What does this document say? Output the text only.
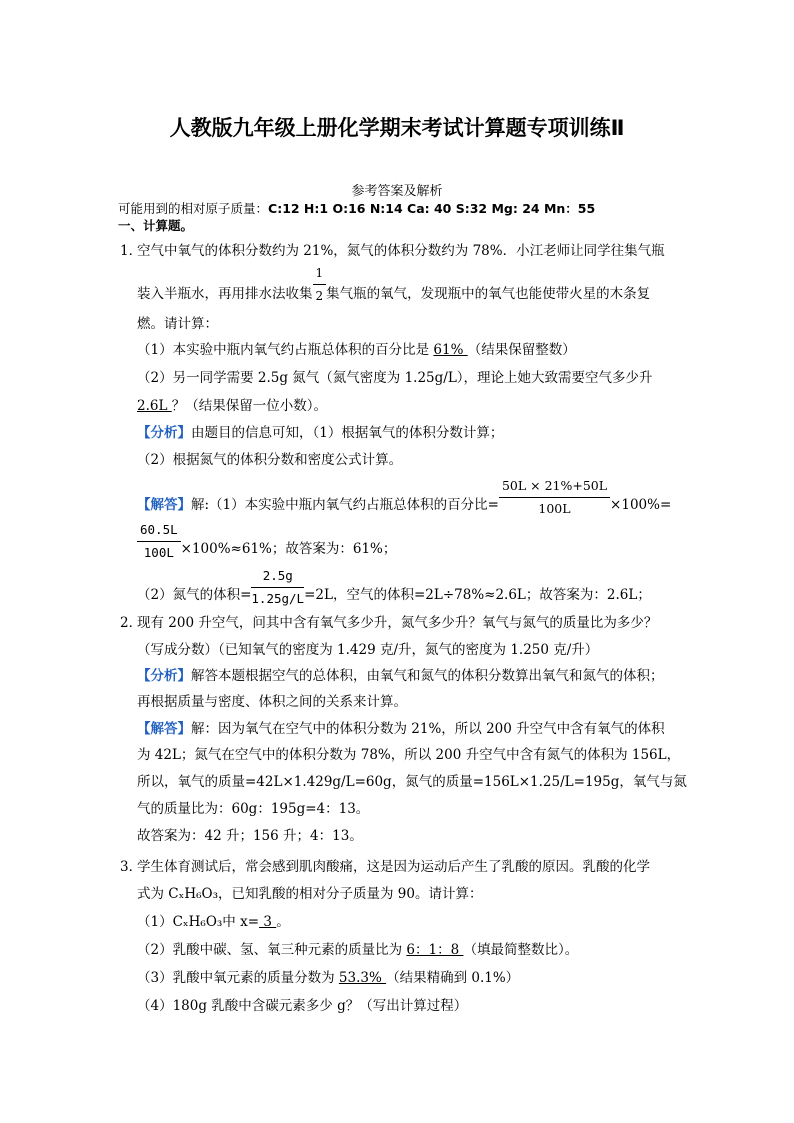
人教版九年级上册化学期末考试计算题专项训练Ⅱ
参考答案及解析
可能用到的相对原子质量：C:12 H:1 O:16 N:14 Ca: 40 S:32 Mg: 24 Mn：55
一、计算题。
1．
空气中氧气的体积分数约为 21%，氮气的体积分数约为 78%．小江老师让同学往集气瓶
装入半瓶水，再用排水法收集 $\frac{1}{2}$ 集气瓶的氧气，发现瓶中的氧气也能使带火星的木条复
燃。请计算：
（1）本实验中瓶内氧气约占瓶总体积的百分比是 61% （结果保留整数）
（2）另一同学需要 2.5g 氮气（氮气密度为 1.25g/L），理论上她大致需要空气多少升
2.6L ？（结果保留一位小数）。
【分析】由题目的信息可知，（1）根据氧气的体积分数计算；
（2）根据氮气的体积分数和密度公式计算。
【解答】解:（1）本实验中瓶内氧气约占瓶总体积的百分比= $\frac{50L \times 21\%+50L}{100L} \times 100\%=$
$\frac{60.5L}{100L} \times 100\%\approx 61\%$；故答案为：61%；
（2）氮气的体积= $\frac{2.5g}{1.25g/L} =2L$，空气的体积=2L÷78%≈2.6L；故答案为：2.6L；
2．
现有 200 升空气，问其中含有氧气多少升，氮气多少升？氧气与氮气的质量比为多少？
（写成分数）（已知氧气的密度为 1.429 克/升，氮气的密度为 1.250 克/升）
【分析】解答本题根据空气的总体积，由氧气和氮气的体积分数算出氧气和氮气的体积；
再根据质量与密度、体积之间的关系来计算。
【解答】解：因为氧气在空气中的体积分数为 21%，所以 200 升空气中含有氧气的体积
为 42L；氮气在空气中的体积分数为 78%，所以 200 升空气中含有氮气的体积为 156L，
所以，氧气的质量=42L×1.429g/L=60g，氮气的质量=156L×1.25/L=195g，氧气与氮
气的质量比为：60g：195g=4：13。
故答案为：42 升；156 升；4：13。
3．
学生体育测试后，常会感到肌肉酸痛，这是因为运动后产生了乳酸的原因。乳酸的化学
式为 CₓH₆O₃，已知乳酸的相对分子质量为 90。请计算：
（1）CₓH₆O₃中 x= 3 。
（2）乳酸中碳、氢、氧三种元素的质量比为 6：1：8 （填最简整数比）。
（3）乳酸中氧元素的质量分数为 53.3% （结果精确到 0.1%）
（4）180g 乳酸中含碳元素多少 g？（写出计算过程）
